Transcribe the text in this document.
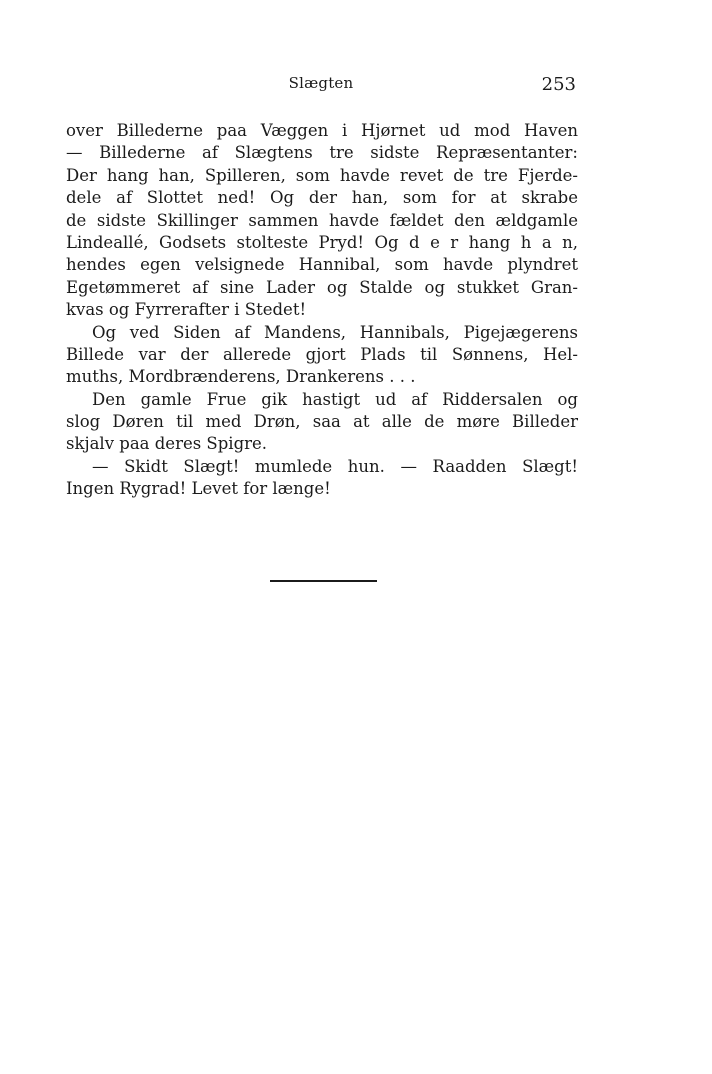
Slægten	253
over Billederne paa Væggen i Hjørnet ud mod Haven
— Billederne af Slægtens tre sidste Repræsentanter:
Der hang han, Spilleren, som havde revet de tre Fjerde-
dele af Slottet ned! Og der han, som for at skrabe
de sidste Skillinger sammen havde fældet den ældgamle
Lindeallé, Godsets stolteste Pryd! Og d e r hang h a n,
hendes egen velsignede Hannibal, som havde plyndret
Egetømmeret af sine Lader og Stalde og stukket Gran-
kvas og Fyrrerafter i Stedet!
Og ved Siden af Mandens, Hannibals, Pigejægerens
Billede var der allerede gjort Plads til Sønnens, Hel-
muths, Mordbrænderens, Drankerens . . .
Den gamle Frue gik hastigt ud af Riddersalen og
slog Døren til med Drøn, saa at alle de møre Billeder
skjalv paa deres Spigre.
— Skidt Slægt! mumlede hun. — Raadden Slægt!
Ingen Rygrad! Levet for længe!
